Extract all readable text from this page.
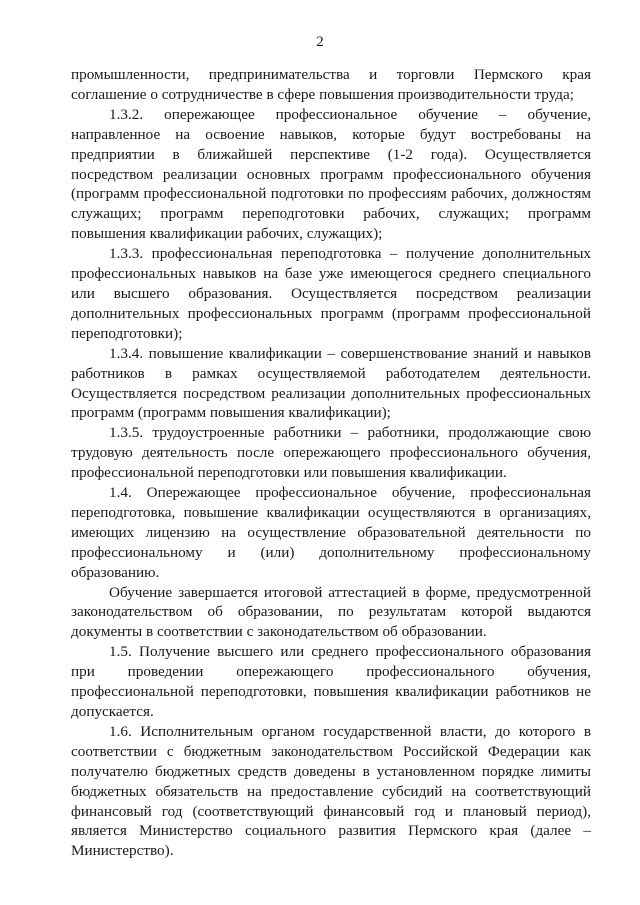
2

промышленности, предпринимательства и торговли Пермского края соглашение о сотрудничестве в сфере повышения производительности труда;

1.3.2. опережающее профессиональное обучение – обучение, направленное на освоение навыков, которые будут востребованы на предприятии в ближайшей перспективе (1-2 года). Осуществляется посредством реализации основных программ профессионального обучения (программ профессиональной подготовки по профессиям рабочих, должностям служащих; программ переподготовки рабочих, служащих; программ повышения квалификации рабочих, служащих);

1.3.3. профессиональная переподготовка – получение дополнительных профессиональных навыков на базе уже имеющегося среднего специального или высшего образования. Осуществляется посредством реализации дополнительных профессиональных программ (программ профессиональной переподготовки);

1.3.4. повышение квалификации – совершенствование знаний и навыков работников в рамках осуществляемой работодателем деятельности. Осуществляется посредством реализации дополнительных профессиональных программ (программ повышения квалификации);

1.3.5. трудоустроенные работники – работники, продолжающие свою трудовую деятельность после опережающего профессионального обучения, профессиональной переподготовки или повышения квалификации.

1.4. Опережающее профессиональное обучение, профессиональная переподготовка, повышение квалификации осуществляются в организациях, имеющих лицензию на осуществление образовательной деятельности по профессиональному и (или) дополнительному профессиональному образованию.

Обучение завершается итоговой аттестацией в форме, предусмотренной законодательством об образовании, по результатам которой выдаются документы в соответствии с законодательством об образовании.

1.5. Получение высшего или среднего профессионального образования при проведении опережающего профессионального обучения, профессиональной переподготовки, повышения квалификации работников не допускается.

1.6. Исполнительным органом государственной власти, до которого в соответствии с бюджетным законодательством Российской Федерации как получателю бюджетных средств доведены в установленном порядке лимиты бюджетных обязательств на предоставление субсидий на соответствующий финансовый год (соответствующий финансовый год и плановый период), является Министерство социального развития Пермского края (далее – Министерство).
